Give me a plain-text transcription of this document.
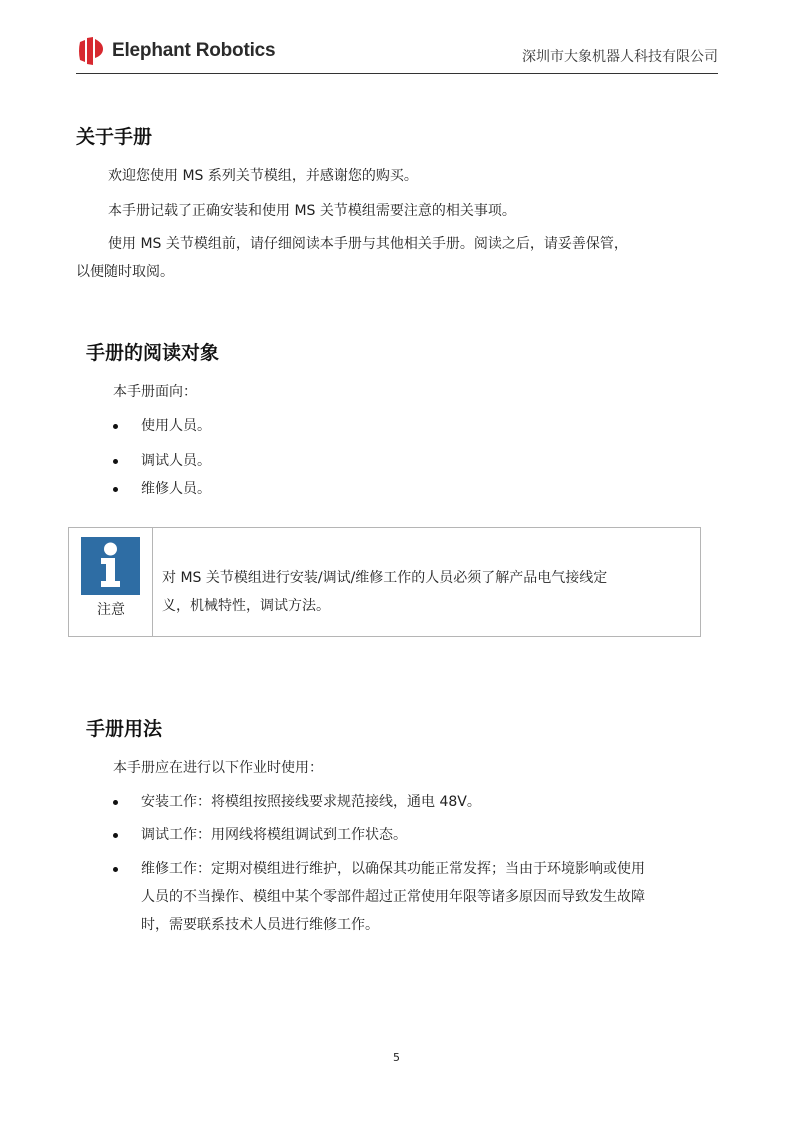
Elephant Robotics	深圳市大象机器人科技有限公司
关于手册
欢迎您使用 MS 系列关节模组，并感谢您的购买。
本手册记载了正确安装和使用 MS 关节模组需要注意的相关事项。
使用 MS 关节模组前，请仔细阅读本手册与其他相关手册。阅读之后，请妥善保管，
以便随时取阅。
手册的阅读对象
本手册面向：
使用人员。
调试人员。
维修人员。
注意
对 MS 关节模组进行安装/调试/维修工作的人员必须了解产品电气接线定
义，机械特性，调试方法。
手册用法
本手册应在进行以下作业时使用：
安装工作：将模组按照接线要求规范接线，通电 48V。
调试工作：用网线将模组调试到工作状态。
维修工作：定期对模组进行维护，以确保其功能正常发挥；当由于环境影响或使用
人员的不当操作、模组中某个零部件超过正常使用年限等诸多原因而导致发生故障
时，需要联系技术人员进行维修工作。
5
